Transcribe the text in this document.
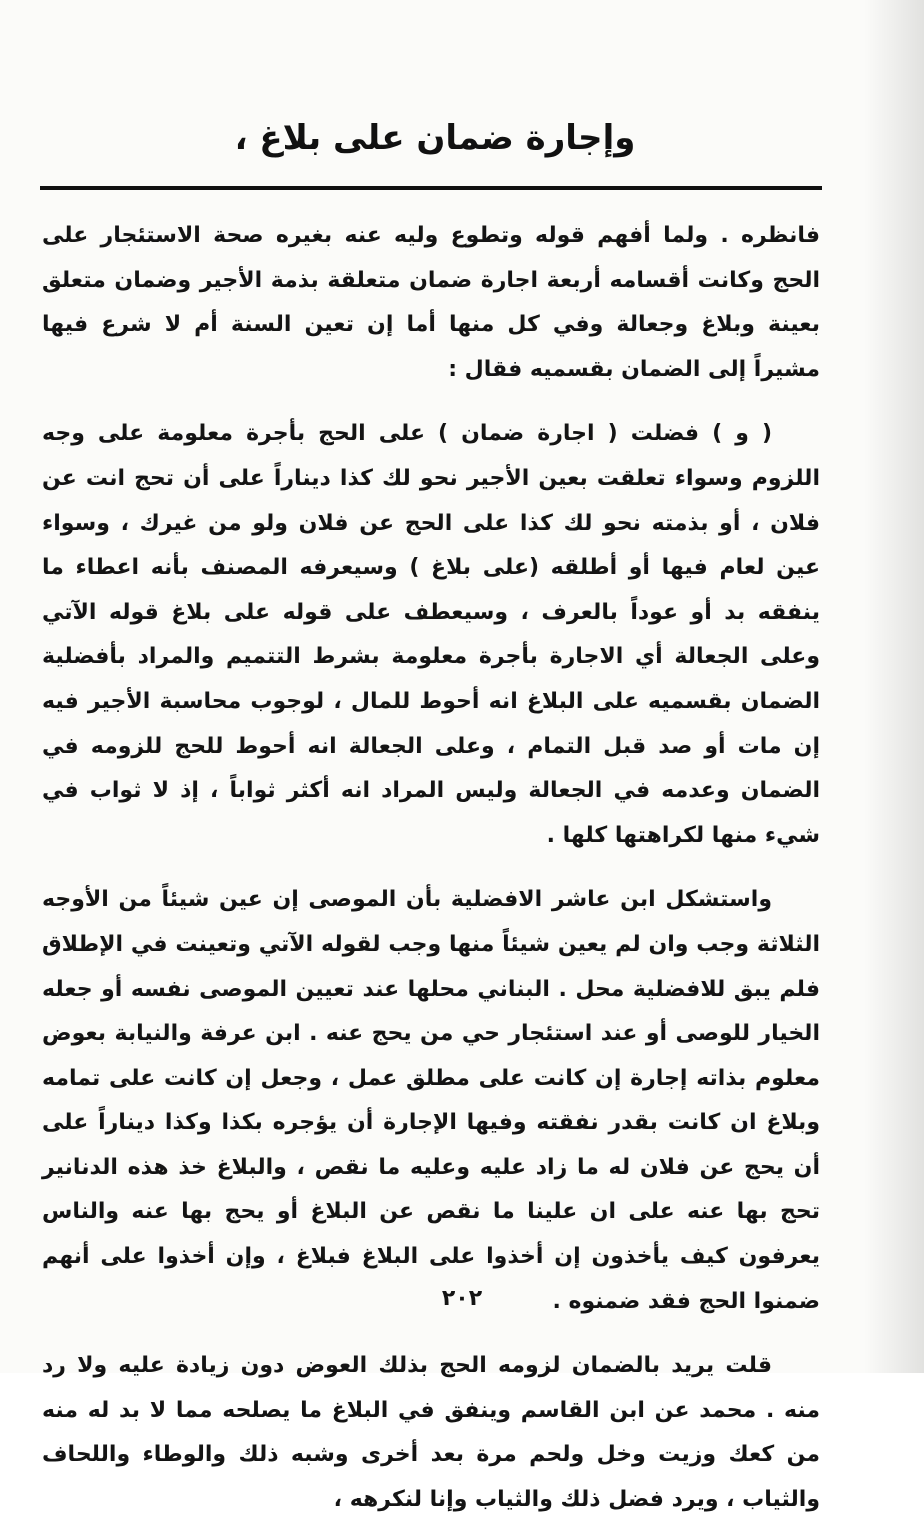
وإجارة ضمان على بلاغ ،

فانظره . ولما أفهم قوله وتطوع وليه عنه بغيره صحة الاستئجار على الحج وكانت أقسامه أربعة اجارة ضمان متعلقة بذمة الأجير وضمان متعلق بعينة وبلاغ وجعالة وفي كل منها أما إن تعين السنة أم لا شرع فيها مشيراً إلى الضمان بقسميه فقال :

( و ) فضلت ( اجارة ضمان ) على الحج بأجرة معلومة على وجه اللزوم وسواء تعلقت بعين الأجير نحو لك كذا ديناراً على أن تحج انت عن فلان ، أو بذمته نحو لك كذا على الحج عن فلان ولو من غيرك ، وسواء عين لعام فيها أو أطلقه (على بلاغ ) وسيعرفه المصنف بأنه اعطاء ما ينفقه بد أو عوداً بالعرف ، وسيعطف على قوله على بلاغ قوله الآتي وعلى الجعالة أي الاجارة بأجرة معلومة بشرط التتميم والمراد بأفضلية الضمان بقسميه على البلاغ انه أحوط للمال ، لوجوب محاسبة الأجير فيه إن مات أو صد قبل التمام ، وعلى الجعالة انه أحوط للحج للزومه في الضمان وعدمه في الجعالة وليس المراد انه أكثر ثواباً ، إذ لا ثواب في شيء منها لكراهتها كلها .

واستشكل ابن عاشر الافضلية بأن الموصى إن عين شيئاً من الأوجه الثلاثة وجب وان لم يعين شيئاً منها وجب لقوله الآتي وتعينت في الإطلاق فلم يبق للافضلية محل . البناني محلها عند تعيين الموصى نفسه أو جعله الخيار للوصى أو عند استئجار حي من يحج عنه . ابن عرفة والنيابة بعوض معلوم بذاته إجارة إن كانت على مطلق عمل ، وجعل إن كانت على تمامه وبلاغ ان كانت بقدر نفقته وفيها الإجارة أن يؤجره بكذا وكذا ديناراً على أن يحج عن فلان له ما زاد عليه وعليه ما نقص ، والبلاغ خذ هذه الدنانير تحج بها عنه على ان علينا ما نقص عن البلاغ أو يحج بها عنه والناس يعرفون كيف يأخذون إن أخذوا على البلاغ فبلاغ ، وإن أخذوا على أنهم ضمنوا الحج فقد ضمنوه .

قلت يريد بالضمان لزومه الحج بذلك العوض دون زيادة عليه ولا رد منه . محمد عن ابن القاسم وينفق في البلاغ ما يصلحه مما لا بد له منه من كعك وزيت وخل ولحم مرة بعد أخرى وشبه ذلك والوطاء واللحاف والثياب ، ويرد فضل ذلك والثياب وإنا لنكرهه ،

٢٠٢
